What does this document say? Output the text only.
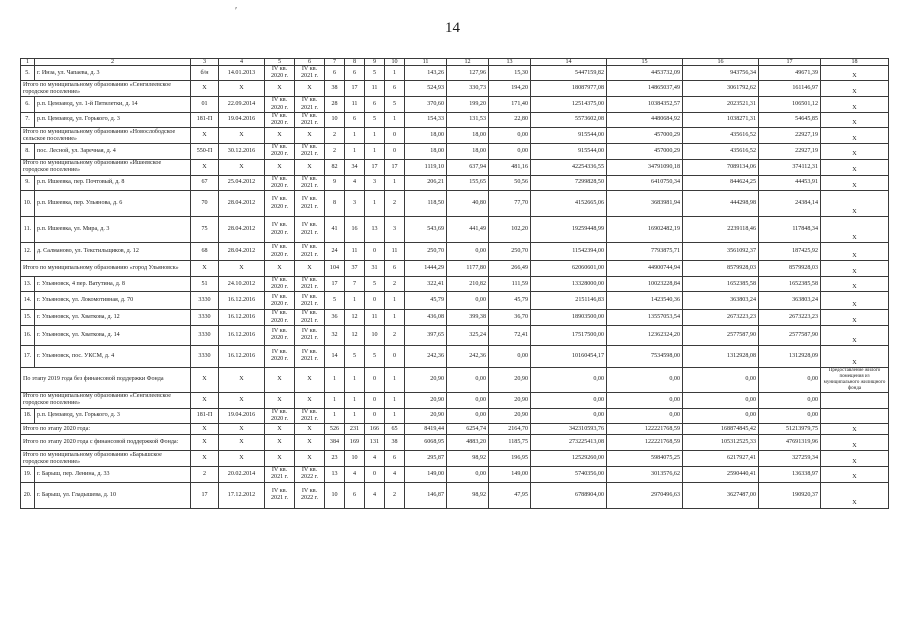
14
′
1	2	3	4	5	6	7	8	9	10	11	12	13	14	15	16	17	18
5.	г. Инза, ул. Чапаева, д. 3	б/н	14.01.2013	IV кв. 2020 г.	IV кв. 2021 г.	6	6	5	1	143,26	127,96	15,30	5447159,82	4453732,09	943756,34	49671,39	Х
Итого по муниципальному образованию «Сенгилеевское городское поселение»		Х	Х	Х	Х	38	17	11	6	524,93	330,73	194,20	18087977,08	14865037,49	3061792,62	161146,97	Х
6.	р.п. Цемзавод, ул. 1-й Пятилетки, д. 14	01	22.09.2014	IV кв. 2020 г.	IV кв. 2021 г.	28	11	6	5	370,60	199,20	171,40	12514375,00	10384352,57	2023521,31	106501,12	Х
7.	р.п. Цемзавод, ул. Горького, д. 3	181-П	19.04.2016	IV кв. 2020 г.	IV кв. 2021 г.	10	6	5	1	154,33	131,53	22,80	5573602,08	4480684,92	1038271,31	54645,85	Х
Итого по муниципальному образованию «Новослободское сельское поселение»		Х	Х	Х	Х	2	1	1	0	18,00	18,00	0,00	915544,00	457000,29	435616,52	22927,19	Х
8.	пос. Лесной, ул. Заречная, д. 4	550-П	30.12.2016	IV кв. 2020 г.	IV кв. 2021 г.	2	1	1	0	18,00	18,00	0,00	915544,00	457000,29	435616,52	22927,19	Х
Итого по муниципальному образованию «Ишеевское городское поселение»		Х	Х	Х	Х	82	34	17	17	1119,10	637,94	481,16	42254336,55	34791090,18	7089134,06	374112,31	Х
9.	р.п. Ишеевка, пер. Почтовый, д. 8	67	25.04.2012	IV кв. 2020 г.	IV кв. 2021 г.	9	4	3	1	206,21	155,65	50,56	7299828,50	6410750,34	844624,25	44453,91	Х
10.	р.п. Ишеевка, пер. Ульянова, д. 6	70	28.04.2012	IV кв. 2020 г.	IV кв. 2021 г.	8	3	1	2	118,50	40,80	77,70	4152665,06	3683981,94	444298,98	24384,14	Х
11.	р.п. Ишеевка, ул. Мира, д. 3	75	28.04.2012	IV кв. 2020 г.	IV кв. 2021 г.	41	16	13	3	543,69	441,49	102,20	19259448,99	16902482,19	2239118,46	117848,34	Х
12.	д. Салманово, ул. Текстильщиков, д. 12	68	28.04.2012	IV кв. 2020 г.	IV кв. 2021 г.	24	11	0	11	250,70	0,00	250,70	11542394,00	7793875,71	3561092,37	187425,92	Х
Итого по муниципальному образованию «город Ульяновск»		Х	Х	Х	Х	104	37	31	6	1444,29	1177,80	266,49	62060601,00	44900744,94	8579928,03	8579928,03	Х
13.	г. Ульяновск, 4 пер. Ватутина, д. 8	51	24.10.2012	IV кв. 2020 г.	IV кв. 2021 г.	17	7	5	2	322,41	210,82	111,59	13328000,00	10023228,84	1652385,58	1652385,58	Х
14.	г. Ульяновск, ул. Локомотивная, д. 70	3330	16.12.2016	IV кв. 2020 г.	IV кв. 2021 г.	5	1	0	1	45,79	0,00	45,79	2151146,83	1423540,36	363803,24	363803,24	Х
15.	г. Ульяновск, ул. Хваткова, д. 12	3330	16.12.2016	IV кв. 2020 г.	IV кв. 2021 г.	36	12	11	1	436,08	399,38	36,70	18903500,00	13557053,54	2673223,23	2673223,23	Х
16.	г. Ульяновск, ул. Хваткова, д. 14	3330	16.12.2016	IV кв. 2020 г.	IV кв. 2021 г.	32	12	10	2	397,65	325,24	72,41	17517500,00	12362324,20	2577587,90	2577587,90	Х
17.	г. Ульяновск, пос. УКСМ, д. 4	3330	16.12.2016	IV кв. 2020 г.	IV кв. 2021 г.	14	5	5	0	242,36	242,36	0,00	10160454,17	7534598,00	1312928,08	1312928,09	Х
По этапу 2019 года без финансовой поддержки Фонда		Х	Х	Х	Х	1	1	0	1	20,90	0,00	20,90	0,00	0,00	0,00	0,00	Предоставление жилого помещения из муниципального жилищного фонда
Итого по муниципальному образованию «Сенгилеевское городское поселение»		Х	Х	Х	Х	1	1	0	1	20,90	0,00	20,90	0,00	0,00	0,00	0,00	
18.	р.п. Цемзавод, ул. Горького, д. 3	181-П	19.04.2016	IV кв. 2020 г.	IV кв. 2021 г.	1	1	0	1	20,90	0,00	20,90	0,00	0,00	0,00	0,00	
Итого по этапу 2020 года:		Х	Х	Х	Х	526	231	166	65	8419,44	6254,74	2164,70	342310593,76	122221768,59	168874845,42	51213979,75	Х
Итого по этапу 2020 года с финансовой поддержкой Фонда:		Х	Х	Х	Х	384	169	131	38	6068,95	4883,20	1185,75	273225413,08	122221768,59	105312525,33	47691319,96	Х
Итого по муниципальному образованию «Барышское городское поселение»		Х	Х	Х	Х	23	10	4	6	295,87	98,92	196,95	12529260,00	5984075,25	6217927,41	327259,34	Х
19.	г. Барыш, пер. Ленина, д. 33	2	20.02.2014	IV кв. 2021 г.	IV кв. 2022 г.	13	4	0	4	149,00	0,00	149,00	5740356,00	3013576,62	2590440,41	136338,97	Х
20.	г. Барыш, ул. Гладышева, д. 10	17	17.12.2012	IV кв. 2021 г.	IV кв. 2022 г.	10	6	4	2	146,87	98,92	47,95	6788904,00	2970496,63	3627487,00	190920,37	Х
